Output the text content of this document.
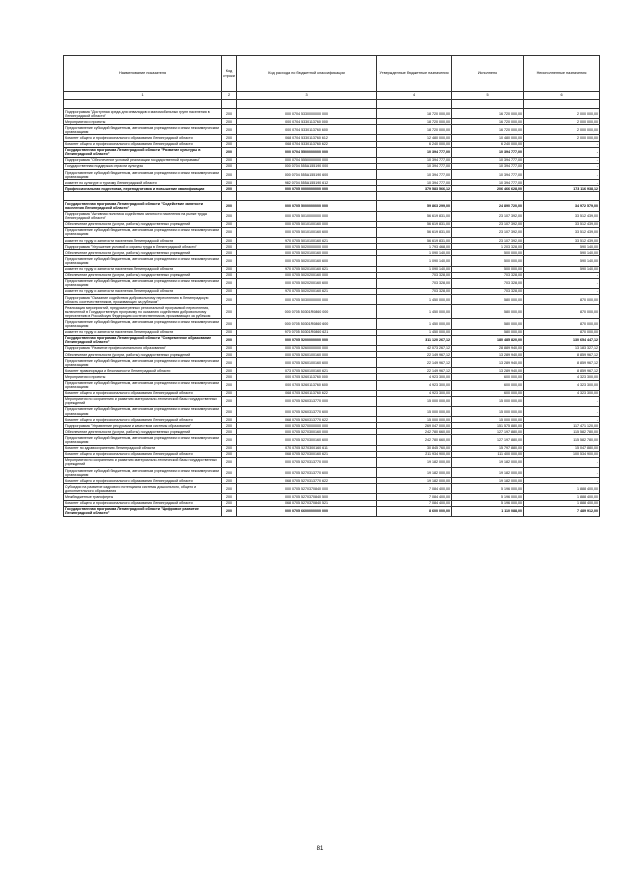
Наименование показателя	Код строки	Код расхода по бюджетной классификации	Утвержденные бюджетные назначения	Исполнено	Неисполненные назначения
1	2	3	4	5	6

Подпрограмма "Доступная среда для инвалидов и маломобильных групп населения в Ленинградской области"	200	000 0704 5330000000 000	18 720 000,00	16 720 000,00	2 000 000,00
Мероприятия и проекты	200	000 0704 5330113760 000	18 720 000,00	16 720 000,00	2 000 000,00
Предоставление субсидий бюджетным, автономным учреждениям и иным некоммерческим организациям	200	000 0704 5330113760 600	18 720 000,00	16 720 000,00	2 000 000,00
Комитет общего и профессионального образования Ленинградской области	200	068 0704 5330113760 612	12 480 000,00	10 480 000,00	2 000 000,00
Комитет общего и профессионального образования Ленинградской области	200	068 0704 5330113760 622	6 240 000,00	6 240 000,00	-
Государственная программа Ленинградской области "Развитие культуры в Ленинградской области"	200	000 0704 5500000000 000	10 394 777,00	10 394 777,00	-
Подпрограмма "Обеспечение условий реализации государственной программы"	200	000 0704 5550000000 000	10 394 777,00	10 394 777,00	-
Государственная поддержка отрасли культуры	200	000 0704 555A155190 000	10 394 777,00	10 394 777,00	-
Предоставление субсидий бюджетным, автономным учреждениям и иным некоммерческим организациям	200	000 0704 555A155190 600	10 394 777,00	10 394 777,00	-
комитет по культуре и туризму Ленинградской области	200	982 0704 555A155190 612	10 394 777,00	10 394 777,00	-
Профессиональная подготовка, переподготовка и повышение квалификации	200	000 0705 0000000000 000	379 583 566,12	206 466 628,00	173 116 938,12

Государственная программа Ленинградской области "Содействие занятости населения Ленинградской области"	200	000 0705 5000000000 000	59 863 299,00	24 890 720,00	34 972 579,00
Подпрограмма "Активная политика содействия занятости населения на рынке труда Ленинградской области"	200	000 0705 5010000000 000	56 619 831,00	23 107 392,00	33 512 439,00
Обеспечение деятельности (услуги, работы) государственных учреждений	200	000 0705 5010100160 000	56 619 831,00	23 107 392,00	33 512 439,00
Предоставление субсидий бюджетным, автономным учреждениям и иным некоммерческим организациям	200	000 0705 5010100160 600	56 619 831,00	23 107 392,00	33 512 439,00
комитет по труду и занятости населения Ленинградской области	200	970 0705 5010100160 621	56 619 831,00	23 107 392,00	33 512 439,00
Подпрограмма "Улучшение условий и охраны труда в Ленинградской области"	200	000 0705 5020000000 000	1 793 468,00	1 203 328,00	590 140,00
Обеспечение деятельности (услуги, работы) государственных учреждений	200	000 0705 5020100160 000	1 090 140,00	500 000,00	590 140,00
Предоставление субсидий бюджетным, автономным учреждениям и иным некоммерческим организациям	200	000 0705 5020100160 600	1 090 140,00	500 000,00	590 140,00
комитет по труду и занятости населения Ленинградской области	200	970 0705 5020100160 621	1 090 140,00	500 000,00	590 140,00
Обеспечение деятельности (услуги, работы) государственных учреждений	200	000 0705 5020200160 000	703 328,00	703 328,00	-
Предоставление субсидий бюджетным, автономным учреждениям и иным некоммерческим организациям	200	000 0705 5020200160 600	703 328,00	703 328,00	-
комитет по труду и занятости населения Ленинградской области	200	970 0705 5020200160 621	703 328,00	703 328,00	-
Подпрограмма "Оказание содействия добровольному переселению в Ленинградскую область соотечественников, проживающих за рубежом"	200	000 0705 5030000000 000	1 450 000,00	580 000,00	870 000,00
Реализация мероприятий, предусмотренных региональной программой переселения, включенной в Государственную программу по оказанию содействия добровольному переселению в Российскую Федерацию соотечественников, проживающих за рубежом	200	000 0705 50301R0860 000	1 450 000,00	580 000,00	870 000,00
Предоставление субсидий бюджетным, автономным учреждениям и иным некоммерческим организациям	200	000 0705 50301R0860 600	1 450 000,00	580 000,00	870 000,00
комитет по труду и занятости населения Ленинградской области	200	970 0705 50301R0860 621	1 450 000,00	580 000,00	870 000,00
Государственная программа Ленинградской области "Современное образование Ленинградской области"	200	000 0705 5200000000 000	311 120 267,12	180 485 820,00	130 654 447,12
Подпрограмма "Развитие профессионального образования"	200	000 0705 5260000000 000	42 073 267,12	28 889 940,00	13 183 327,12
Обеспечение деятельности (услуги, работы) государственных учреждений	200	000 0705 5260100160 000	22 149 967,12	13 289 940,00	8 859 967,12
Предоставление субсидий бюджетным, автономным учреждениям и иным некоммерческим организациям	200	000 0705 5260100160 600	22 149 967,12	13 289 940,00	8 859 967,12
Комитет правопорядка и безопасности Ленинградской области	200	073 0705 5260100160 621	22 149 967,12	13 289 940,00	8 859 967,12
Мероприятия и проекты	200	000 0705 5260113760 000	4 923 300,00	600 000,00	4 323 300,00
Предоставление субсидий бюджетным, автономным учреждениям и иным некоммерческим организациям	200	000 0705 5260113760 600	4 923 300,00	600 000,00	4 323 300,00
Комитет общего и профессионального образования Ленинградской области	200	068 0705 5260113760 622	4 923 300,00	600 000,00	4 323 300,00
Мероприятия по сохранению и развитию материально-технической базы государственных учреждений	200	000 0705 5260313770 000	15 000 000,00	15 000 000,00	-
Предоставление субсидий бюджетным, автономным учреждениям и иным некоммерческим организациям	200	000 0705 5260313770 600	15 000 000,00	15 000 000,00	-
Комитет общего и профессионального образования Ленинградской области	200	068 0705 5260313770 622	15 000 000,00	15 000 000,00	-
Подпрограмма "Управление ресурсами и качеством системы образования"	200	000 0705 5270000000 000	269 047 000,00	151 575 880,00	117 471 120,00
Обеспечение деятельности (услуги, работы) государственных учреждений	200	000 0705 5270300160 000	242 780 660,00	127 197 880,00	115 582 780,00
Предоставление субсидий бюджетным, автономным учреждениям и иным некоммерческим организациям	200	000 0705 5270300160 600	242 780 660,00	127 197 880,00	115 582 780,00
Комитет по здравоохранению Ленинградской области	200	070 0705 5270300160 611	30 845 760,00	15 797 880,00	15 047 880,00
Комитет общего и профессионального образования Ленинградской области	200	068 0705 5270300160 621	211 934 900,00	111 400 000,00	100 534 900,00
Мероприятия по сохранению и развитию материально-технической базы государственных учреждений	200	000 0705 5270313770 000	19 182 000,00	19 182 000,00	-
Предоставление субсидий бюджетным, автономным учреждениям и иным некоммерческим организациям	200	000 0705 5270313770 600	19 182 000,00	19 182 000,00	-
Комитет общего и профессионального образования Ленинградской области	200	068 0705 5270313770 622	19 182 000,00	19 182 000,00	-
Субсидии на развитие кадрового потенциала системы дошкольного, общего и дополнительного образования	200	000 0705 5270370840 000	7 084 400,00	5 196 000,00	1 888 400,00
Межбюджетные трансферты	200	000 0705 5270370840 500	7 084 400,00	5 196 000,00	1 888 400,00
Комитет общего и профессионального образования Ленинградской области	200	068 0705 5270370840 521	7 084 400,00	5 196 000,00	1 888 400,00
Государственная программа Ленинградской области "Цифровое развитие Ленинградской области"	200	000 0705 6600000000 000	8 600 000,00	1 110 088,00	7 489 912,00
81
